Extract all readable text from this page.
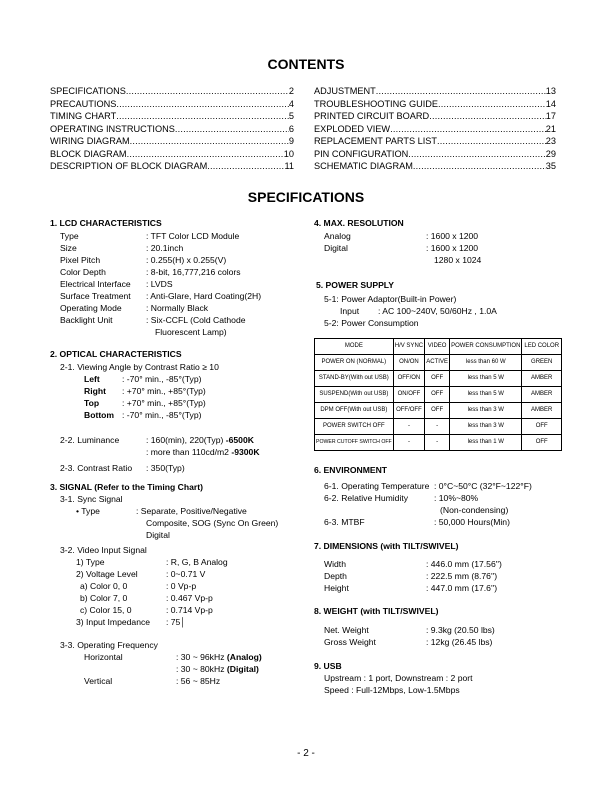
CONTENTS
SPECIFICATIONS .....	2
PRECAUTIONS .....	4
TIMING CHART .....	5
OPERATING INSTRUCTIONS .....	6
WIRING DIAGRAM .....	9
BLOCK DIAGRAM .....	10
DESCRIPTION OF BLOCK DIAGRAM .....	11
ADJUSTMENT .....	13
TROUBLESHOOTING GUIDE .....	14
PRINTED CIRCUIT BOARD .....	17
EXPLODED VIEW .....	21
REPLACEMENT PARTS LIST .....	23
PIN CONFIGURATION .....	29
SCHEMATIC DIAGRAM .....	35
SPECIFICATIONS
1. LCD CHARACTERISTICS
Type	: TFT Color LCD Module
Size	: 20.1inch
Pixel Pitch	: 0.255(H) x 0.255(V)
Color Depth	: 8-bit, 16,777,216 colors
Electrical Interface : LVDS
Surface Treatment : Anti-Glare, Hard Coating(2H)
Operating Mode	: Normally Black
Backlight Unit	: Six-CCFL (Cold Cathode
Fluorescent Lamp)
2. OPTICAL CHARACTERISTICS
2-1. Viewing Angle by Contrast Ratio ≥ 10
Left	: -70° min., -85°(Typ)
Right : +70° min., +85°(Typ)
Top	: +70° min., +85°(Typ)
Bottom : -70° min., -85°(Typ)
2-2. Luminance	: 160(min), 220(Typ) -6500K
: more than 110cd/m2 -9300K
2-3. Contrast Ratio : 350(Typ)
3. SIGNAL (Refer to the Timing Chart)
3-1. Sync Signal
• Type	: Separate, Positive/Negative
Composite, SOG (Sync On Green)
Digital
3-2. Video Input Signal
1) Type	: R, G, B Analog
2) Voltage Level	: 0~0.71 V
a) Color 0, 0	: 0 Vp-p
b) Color 7, 0	: 0.467 Vp-p
c) Color 15, 0	: 0.714 Vp-p
3) Input Impedance : 75│
3-3. Operating Frequency
Horizontal	: 30 ~ 96kHz (Analog)
: 30 ~ 80kHz (Digital)
Vertical	: 56 ~ 85Hz
4. MAX. RESOLUTION
Analog	: 1600 x 1200
Digital	: 1600 x 1200
1280 x 1024
5. POWER SUPPLY
5-1: Power Adaptor(Built-in Power)
Input : AC 100~240V, 50/60Hz , 1.0A
5-2: Power Consumption
MODE	H/V SYNC	VIDEO	POWER CONSUMPTION	LED COLOR
POWER ON (NORMAL)	ON/ON	ACTIVE	less than 60 W	GREEN
STAND-BY(With out USB)	OFF/ON	OFF	less than 5 W	AMBER
SUSPEND(With out USB)	ON/OFF	OFF	less than 5 W	AMBER
DPM OFF(With out USB)	OFF/OFF	OFF	less than 3 W	AMBER
POWER SWITCH OFF	-	-	less than 3 W	OFF
POWER CUTOFF SWITCH OFF	-	-	less than 1 W	OFF
6. ENVIRONMENT
6-1. Operating Temperature : 0°C~50°C (32°F~122°F)
6-2. Relative Humidity	: 10%~80%
(Non-condensing)
6-3. MTBF	: 50,000 Hours(Min)
7. DIMENSIONS (with TILT/SWIVEL)
Width	: 446.0 mm (17.56'')
Depth	: 222.5 mm (8.76'')
Height	: 447.0 mm (17.6'')
8. WEIGHT (with TILT/SWIVEL)
Net. Weight	: 9.3kg (20.50 lbs)
Gross Weight	: 12kg (26.45 lbs)
9. USB
Upstream : 1 port, Downstream : 2 port
Speed : Full-12Mbps, Low-1.5Mbps
- 2 -
